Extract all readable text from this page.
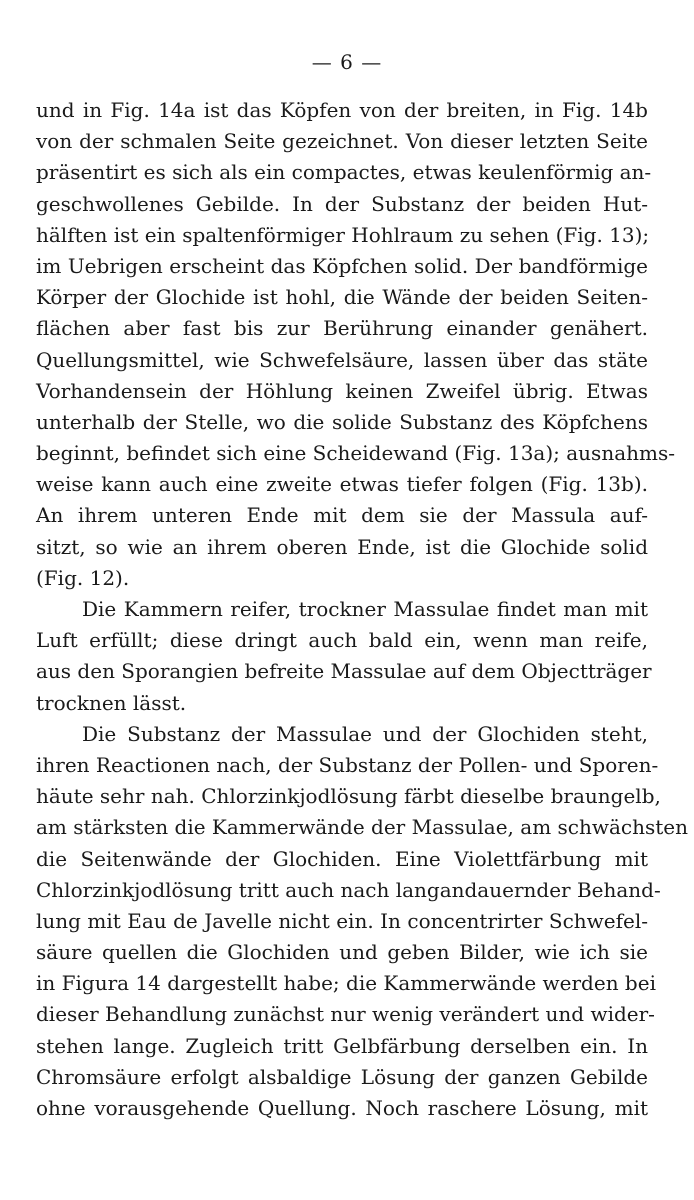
— 6 —
und in Fig. 14a ist das Köpfen von der breiten, in Fig. 14b
von der schmalen Seite gezeichnet. Von dieser letzten Seite
präsentirt es sich als ein compactes, etwas keulenförmig an-
geschwollenes Gebilde. In der Substanz der beiden Hut-
hälften ist ein spaltenförmiger Hohlraum zu sehen (Fig. 13);
im Uebrigen erscheint das Köpfchen solid. Der bandförmige
Körper der Glochide ist hohl, die Wände der beiden Seiten-
flächen aber fast bis zur Berührung einander genähert.
Quellungsmittel, wie Schwefelsäure, lassen über das stäte
Vorhandensein der Höhlung keinen Zweifel übrig. Etwas
unterhalb der Stelle, wo die solide Substanz des Köpfchens
beginnt, befindet sich eine Scheidewand (Fig. 13a); ausnahms-
weise kann auch eine zweite etwas tiefer folgen (Fig. 13b).
An ihrem unteren Ende mit dem sie der Massula auf-
sitzt, so wie an ihrem oberen Ende, ist die Glochide solid
(Fig. 12).
Die Kammern reifer, trockner Massulae findet man mit
Luft erfüllt; diese dringt auch bald ein, wenn man reife,
aus den Sporangien befreite Massulae auf dem Objectträger
trocknen lässt.
Die Substanz der Massulae und der Glochiden steht,
ihren Reactionen nach, der Substanz der Pollen- und Sporen-
häute sehr nah. Chlorzinkjodlösung färbt dieselbe braungelb,
am stärksten die Kammerwände der Massulae, am schwächsten
die Seitenwände der Glochiden. Eine Violettfärbung mit
Chlorzinkjodlösung tritt auch nach langandauernder Behand-
lung mit Eau de Javelle nicht ein. In concentrirter Schwefel-
säure quellen die Glochiden und geben Bilder, wie ich sie
in Figura 14 dargestellt habe; die Kammerwände werden bei
dieser Behandlung zunächst nur wenig verändert und wider-
stehen lange. Zugleich tritt Gelbfärbung derselben ein. In
Chromsäure erfolgt alsbaldige Lösung der ganzen Gebilde
ohne vorausgehende Quellung. Noch raschere Lösung, mit
